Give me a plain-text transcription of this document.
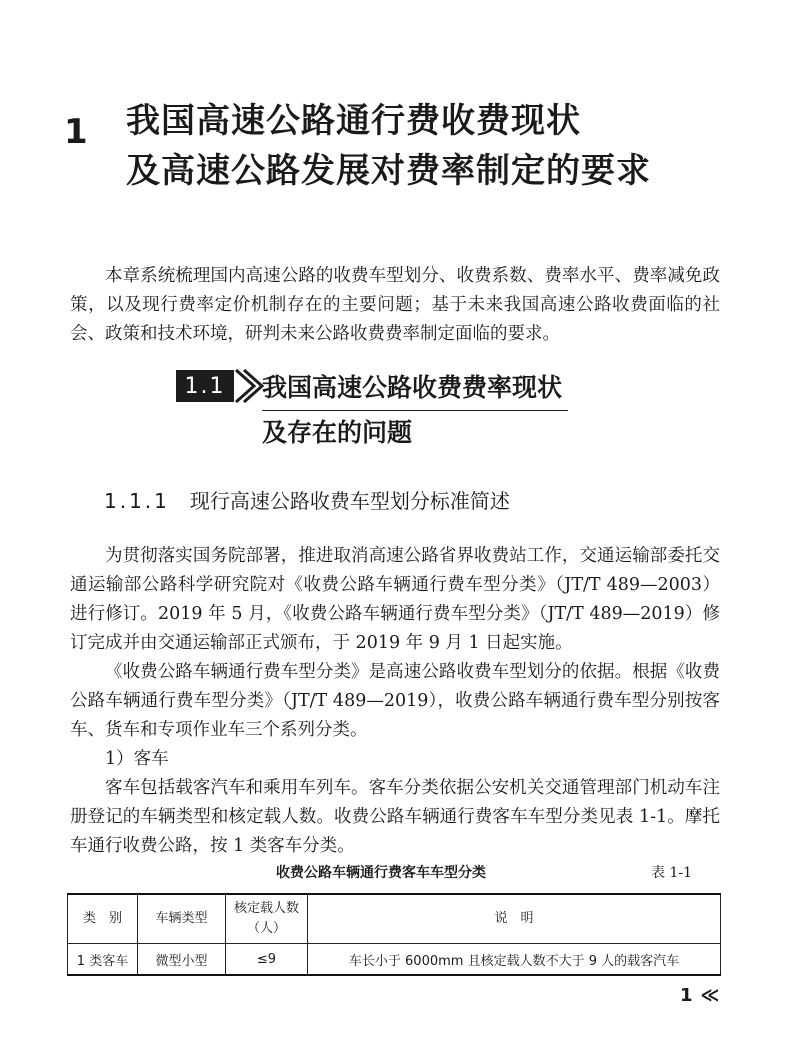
1 我国高速公路通行费收费现状
及高速公路发展对费率制定的要求
本章系统梳理国内高速公路的收费车型划分、收费系数、费率水平、费率减免政策，以及现行费率定价机制存在的主要问题；基于未来我国高速公路收费面临的社会、政策和技术环境，研判未来公路收费费率制定面临的要求。
1.1	我国高速公路收费费率现状
及存在的问题
1.1.1 现行高速公路收费车型划分标准简述
为贯彻落实国务院部署，推进取消高速公路省界收费站工作，交通运输部委托交通运输部公路科学研究院对《收费公路车辆通行费车型分类》（JT/T 489—2003）进行修订。2019 年 5 月，《收费公路车辆通行费车型分类》（JT/T 489—2019）修订完成并由交通运输部正式颁布，于 2019 年 9 月 1 日起实施。
《收费公路车辆通行费车型分类》是高速公路收费车型划分的依据。根据《收费公路车辆通行费车型分类》（JT/T 489—2019），收费公路车辆通行费车型分别按客车、货车和专项作业车三个系列分类。
1）客车
客车包括载客汽车和乘用车列车。客车分类依据公安机关交通管理部门机动车注册登记的车辆类型和核定载人数。收费公路车辆通行费客车车型分类见表 1-1。摩托车通行收费公路，按 1 类客车分类。
收费公路车辆通行费客车车型分类	表 1-1
类　别	车辆类型	核定载人数（人）	说　明
1 类客车	微型小型	≤9	车长小于 6000mm 且核定载人数不大于 9 人的载客汽车
1 ≪
